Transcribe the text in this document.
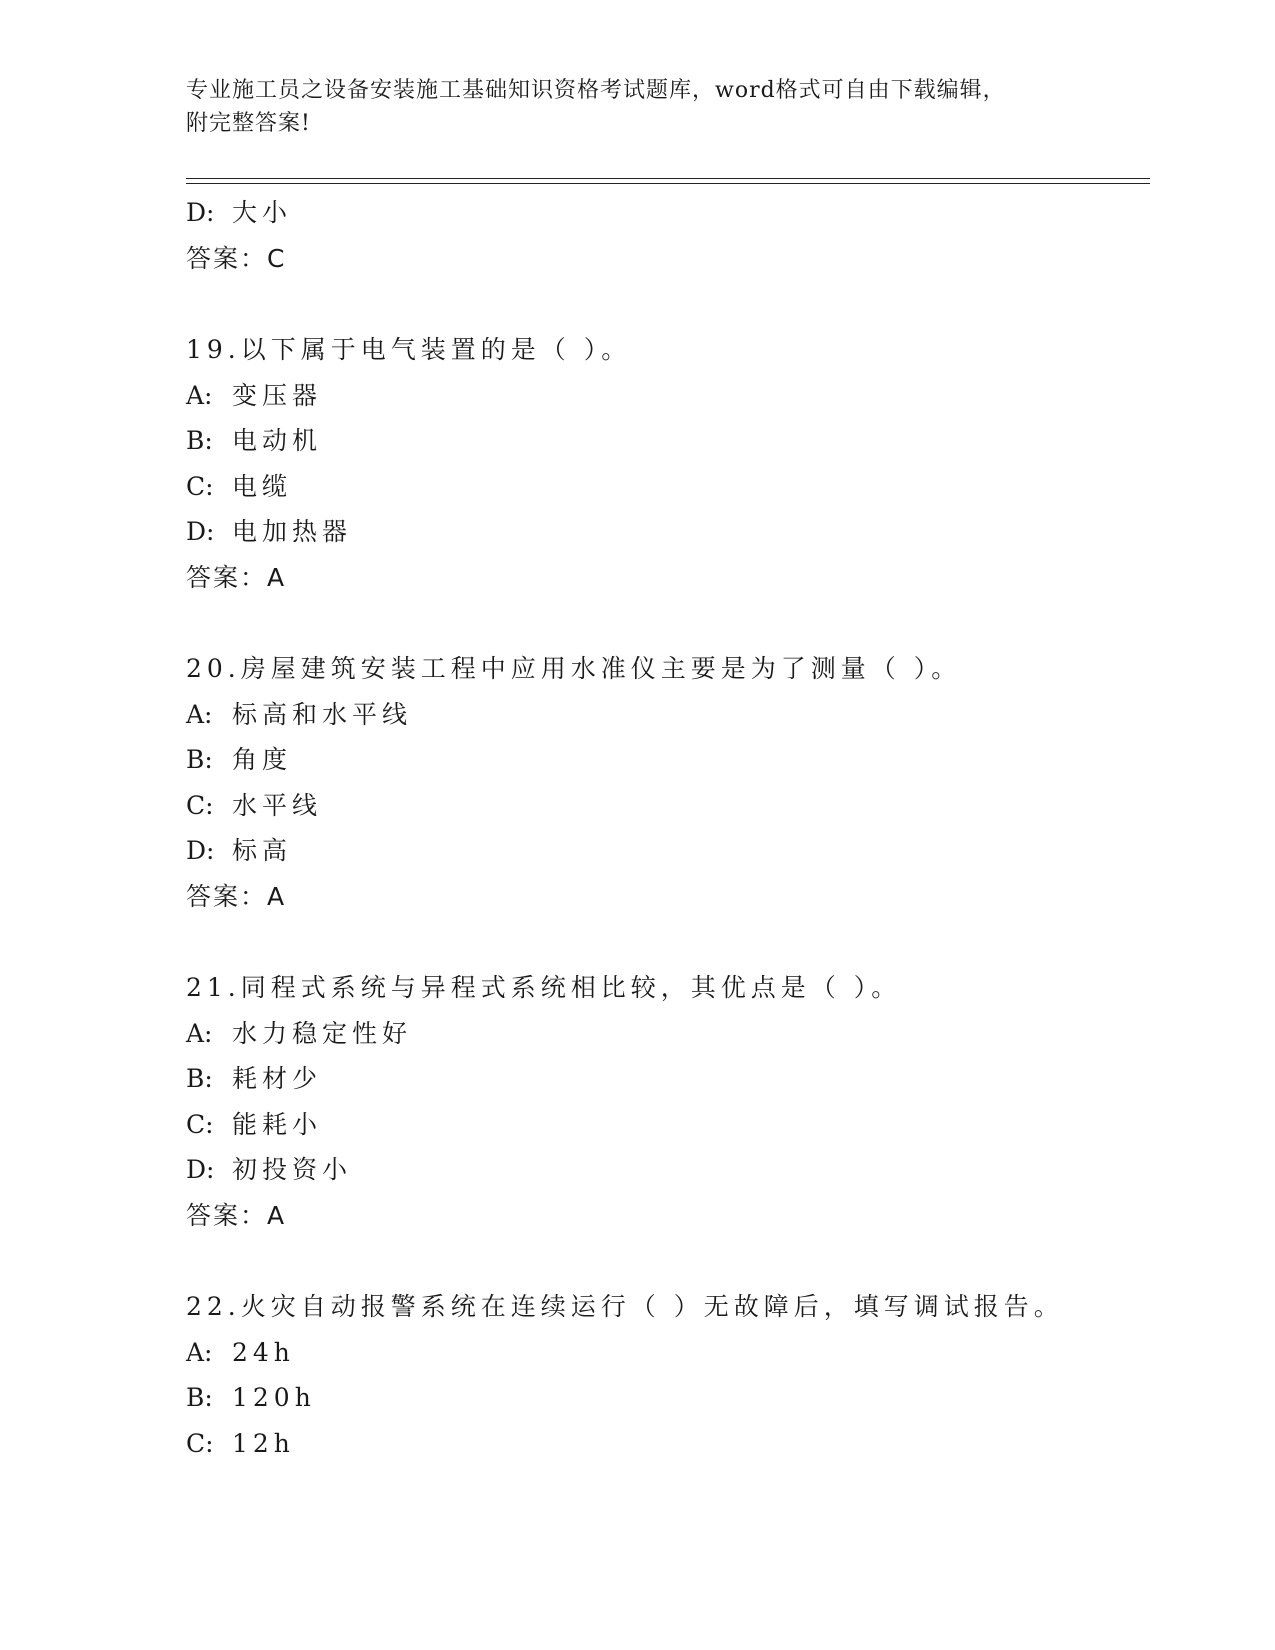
专业施工员之设备安装施工基础知识资格考试题库，word格式可自由下载编辑，
附完整答案!
D: 大小
答案：C
19.以下属于电气装置的是（ ）。
A: 变压器
B: 电动机
C: 电缆
D: 电加热器
答案：A
20.房屋建筑安装工程中应用水准仪主要是为了测量（ ）。
A: 标高和水平线
B: 角度
C: 水平线
D: 标高
答案：A
21.同程式系统与异程式系统相比较，其优点是（ ）。
A: 水力稳定性好
B: 耗材少
C: 能耗小
D: 初投资小
答案：A
22.火灾自动报警系统在连续运行（ ）无故障后，填写调试报告。
A: 24h
B: 120h
C: 12h
